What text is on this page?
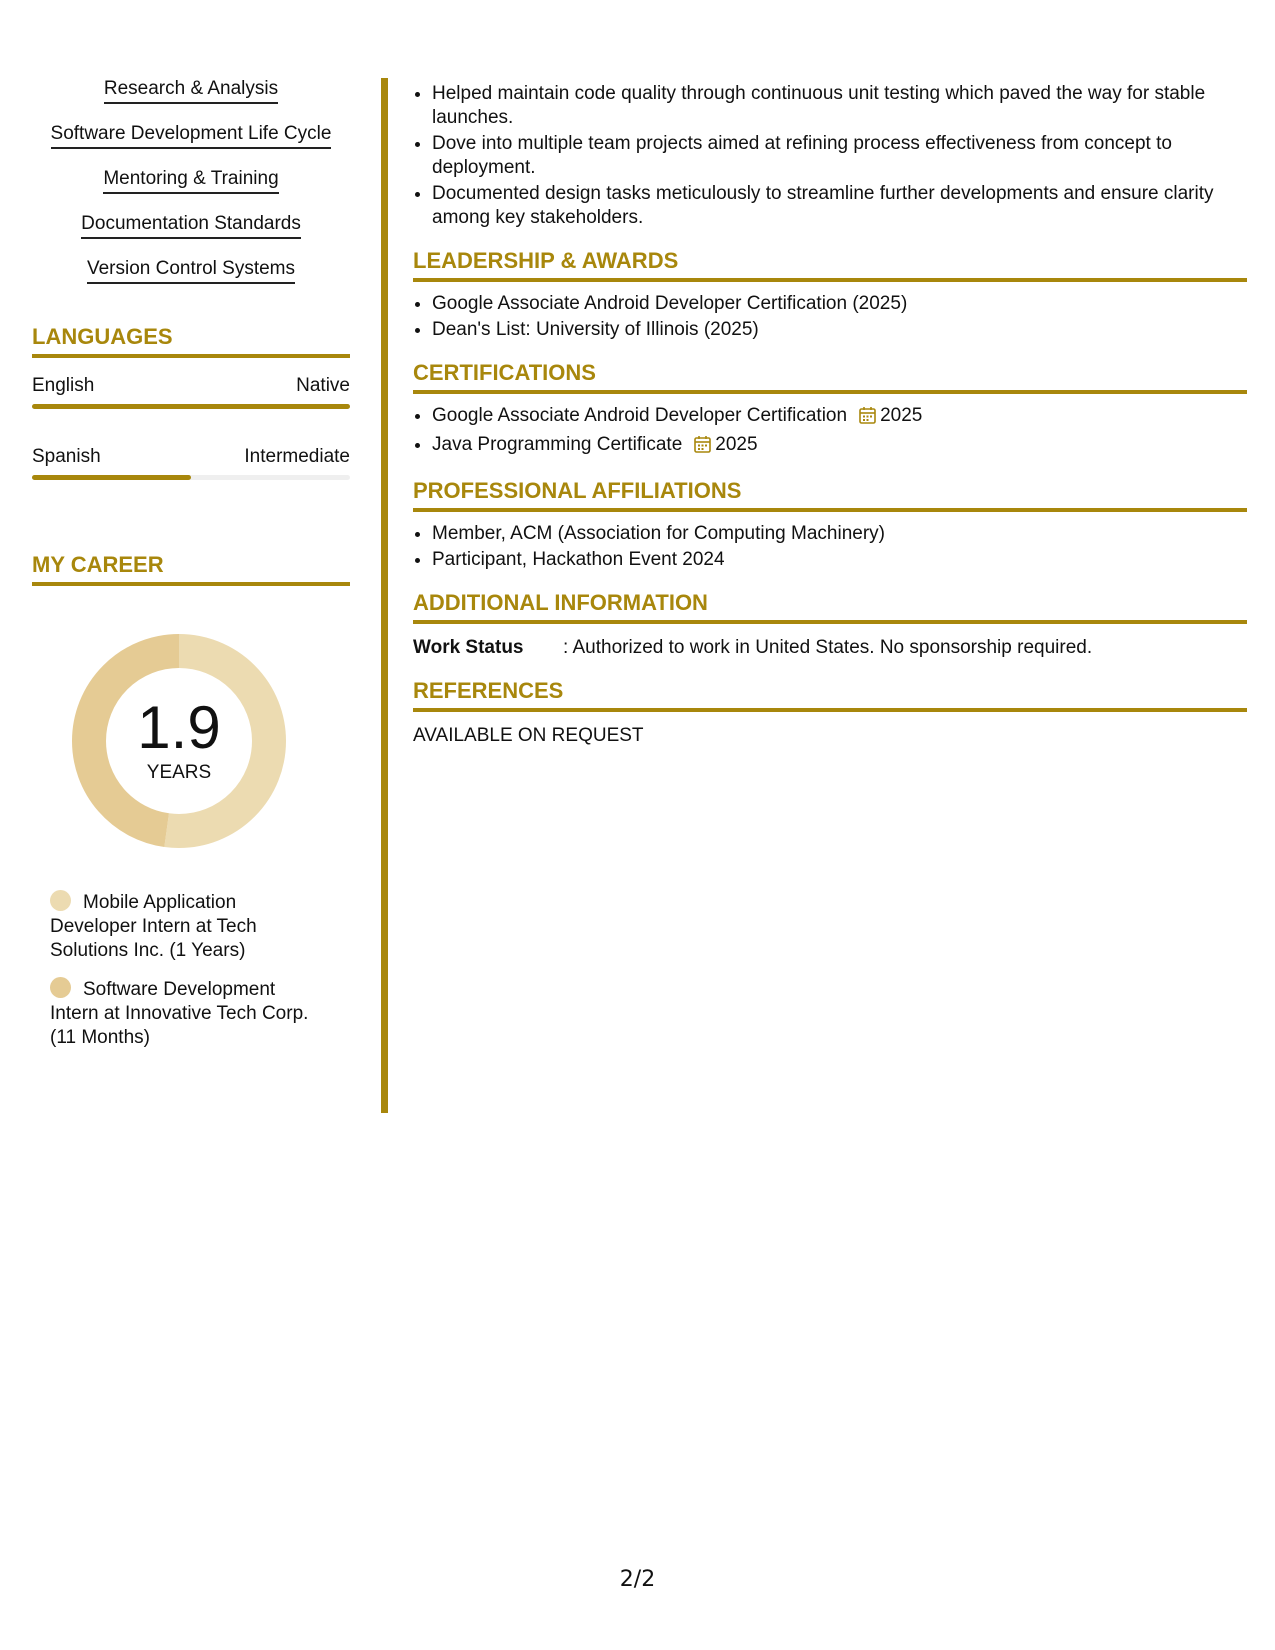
Research & Analysis
Software Development Life Cycle
Mentoring & Training
Documentation Standards
Version Control Systems
LANGUAGES
English	Native
Spanish	Intermediate
MY CAREER
1.9
YEARS
Mobile Application Developer Intern at Tech Solutions Inc. (1 Years)
Software Development Intern at Innovative Tech Corp. (11 Months)
• Helped maintain code quality through continuous unit testing which paved the way for stable launches.
• Dove into multiple team projects aimed at refining process effectiveness from concept to deployment.
• Documented design tasks meticulously to streamline further developments and ensure clarity among key stakeholders.
LEADERSHIP & AWARDS
• Google Associate Android Developer Certification (2025)
• Dean's List: University of Illinois (2025)
CERTIFICATIONS
• Google Associate Android Developer Certification 2025
• Java Programming Certificate 2025
PROFESSIONAL AFFILIATIONS
• Member, ACM (Association for Computing Machinery)
• Participant, Hackathon Event 2024
ADDITIONAL INFORMATION
Work Status	: Authorized to work in United States. No sponsorship required.
REFERENCES
AVAILABLE ON REQUEST
2/2
